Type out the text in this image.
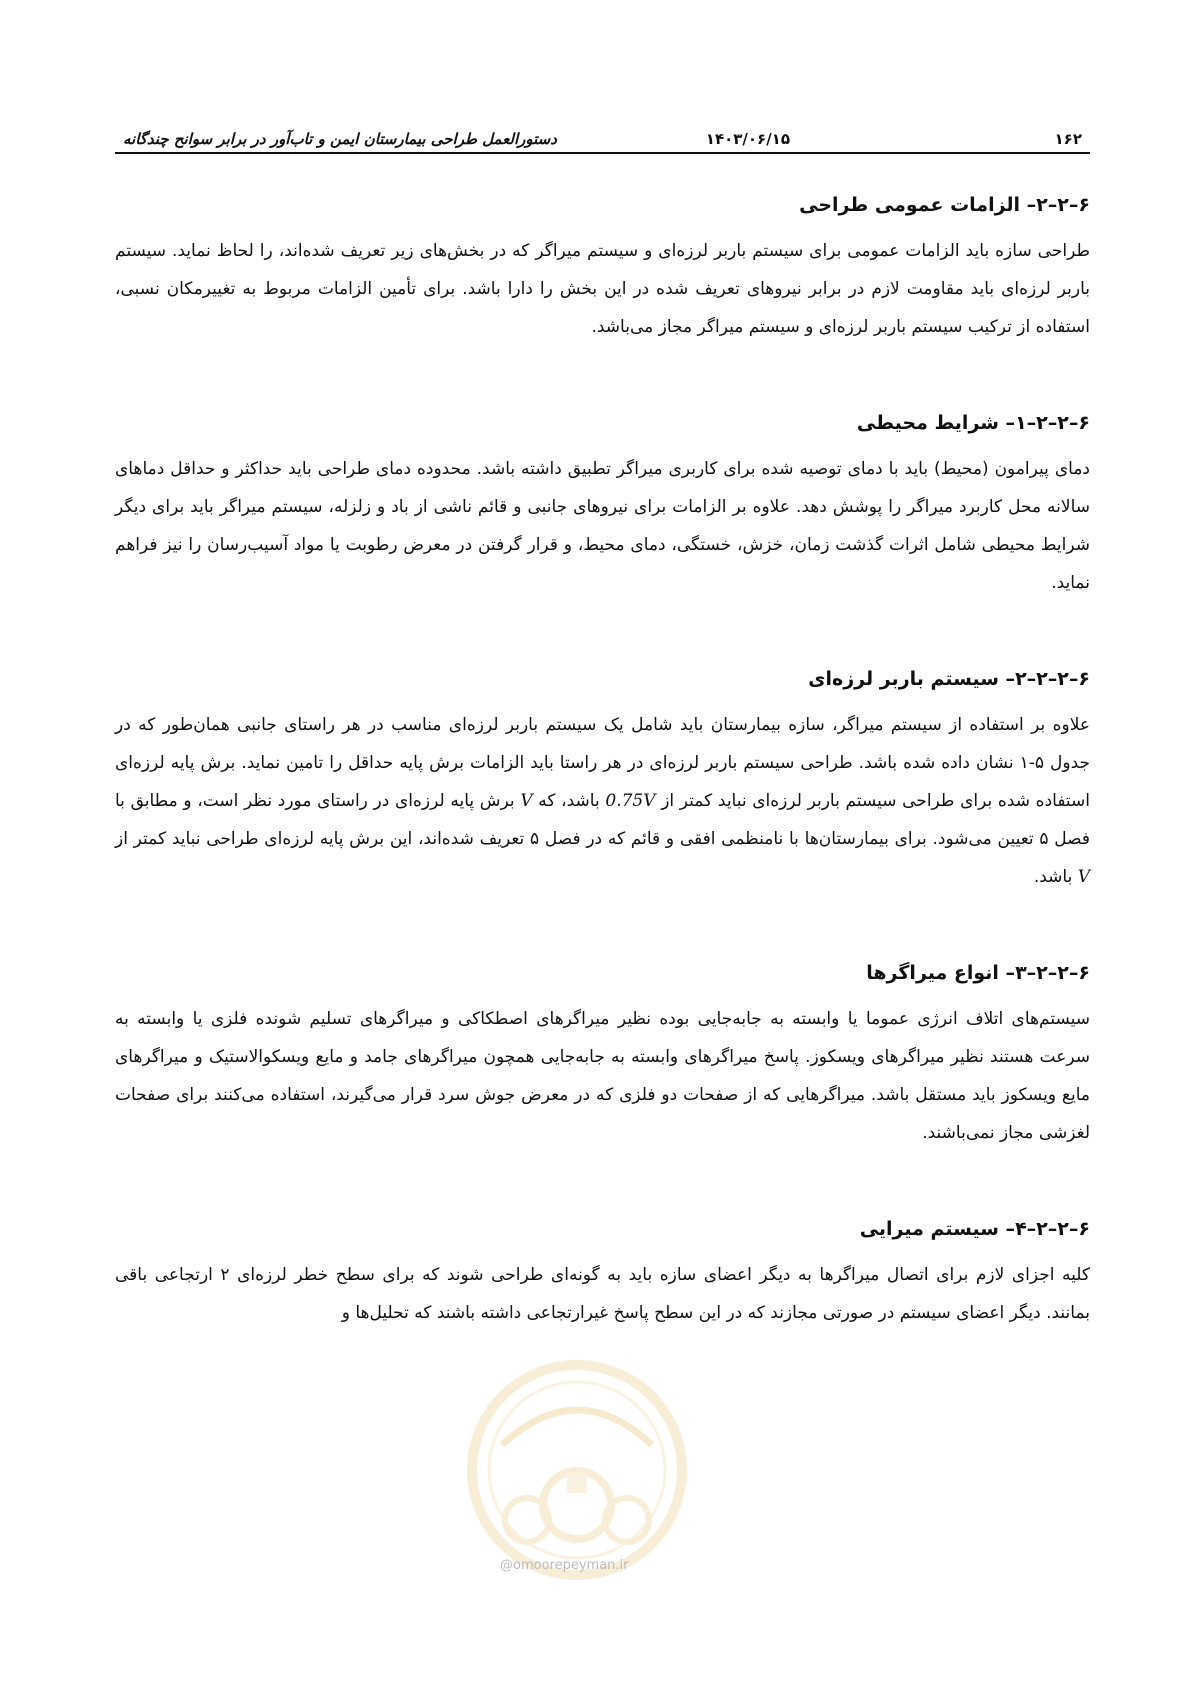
۱۶۲
۱۴۰۳/۰۶/۱۵
دستورالعمل طراحی بیمارستان ایمن و تاب‌آور در برابر سوانح چندگانه
۶–۲–۲– الزامات عمومی طراحی

طراحی سازه باید الزامات عمومی برای سیستم باربر لرزه‌ای و سیستم میراگر که در بخش‌های زیر تعریف شده‌اند، را لحاظ نماید. سیستم باربر لرزه‌ای باید مقاومت لازم در برابر نیروهای تعریف شده در این بخش را دارا باشد. برای تأمین الزامات مربوط به تغییرمکان نسبی، استفاده از ترکیب سیستم باربر لرزه‌ای و سیستم میراگر مجاز می‌باشد.

۶–۲–۲–۱– شرایط محیطی

دمای پیرامون (محیط) باید با دمای توصیه شده برای کاربری میراگر تطبیق داشته باشد. محدوده دمای طراحی باید حداکثر و حداقل دماهای سالانه محل کاربرد میراگر را پوشش دهد. علاوه بر الزامات برای نیروهای جانبی و قائم ناشی از باد و زلزله، سیستم میراگر باید برای دیگر شرایط محیطی شامل اثرات گذشت زمان، خزش، خستگی، دمای محیط، و قرار گرفتن در معرض رطوبت یا مواد آسیب‌رسان را نیز فراهم نماید.

۶–۲–۲–۲– سیستم باربر لرزه‌ای

علاوه بر استفاده از سیستم میراگر، سازه بیمارستان باید شامل یک سیستم باربر لرزه‌ای مناسب در هر راستای جانبی همان‌طور که در جدول ۵-۱ نشان داده شده باشد. طراحی سیستم باربر لرزه‌ای در هر راستا باید الزامات برش پایه حداقل را تامین نماید. برش پایه لرزه‌ای استفاده شده برای طراحی سیستم باربر لرزه‌ای نباید کمتر از 0.75V باشد، که V برش پایه لرزه‌ای در راستای مورد نظر است، و مطابق با فصل ۵ تعیین می‌شود. برای بیمارستان‌ها با نامنظمی افقی و قائم که در فصل ۵ تعریف شده‌اند، این برش پایه لرزه‌ای طراحی نباید کمتر از V باشد.

۶–۲–۲–۳– انواع میراگرها

سیستم‌های اتلاف انرژی عموما یا وابسته به جابه‌جایی بوده نظیر میراگرهای اصطکاکی و میراگرهای تسلیم شونده فلزی یا وابسته به سرعت هستند نظیر میراگرهای ویسکوز. پاسخ میراگرهای وابسته به جابه‌جایی همچون میراگرهای جامد و مایع ویسکوالاستیک و میراگرهای مایع ویسکوز باید مستقل باشد. میراگرهایی که از صفحات دو فلزی که در معرض جوش سرد قرار می‌گیرند، استفاده می‌کنند برای صفحات لغزشی مجاز نمی‌باشند.

۶–۲–۲–۴– سیستم میرایی

کلیه اجزای لازم برای اتصال میراگرها به دیگر اعضای سازه باید به گونه‌ای طراحی شوند که برای سطح خطر لرزه‌ای ۲ ارتجاعی باقی بمانند. دیگر اعضای سیستم در صورتی مجازند که در این سطح پاسخ غیرارتجاعی داشته باشند که تحلیل‌ها و

@omoorepeyman.ir
